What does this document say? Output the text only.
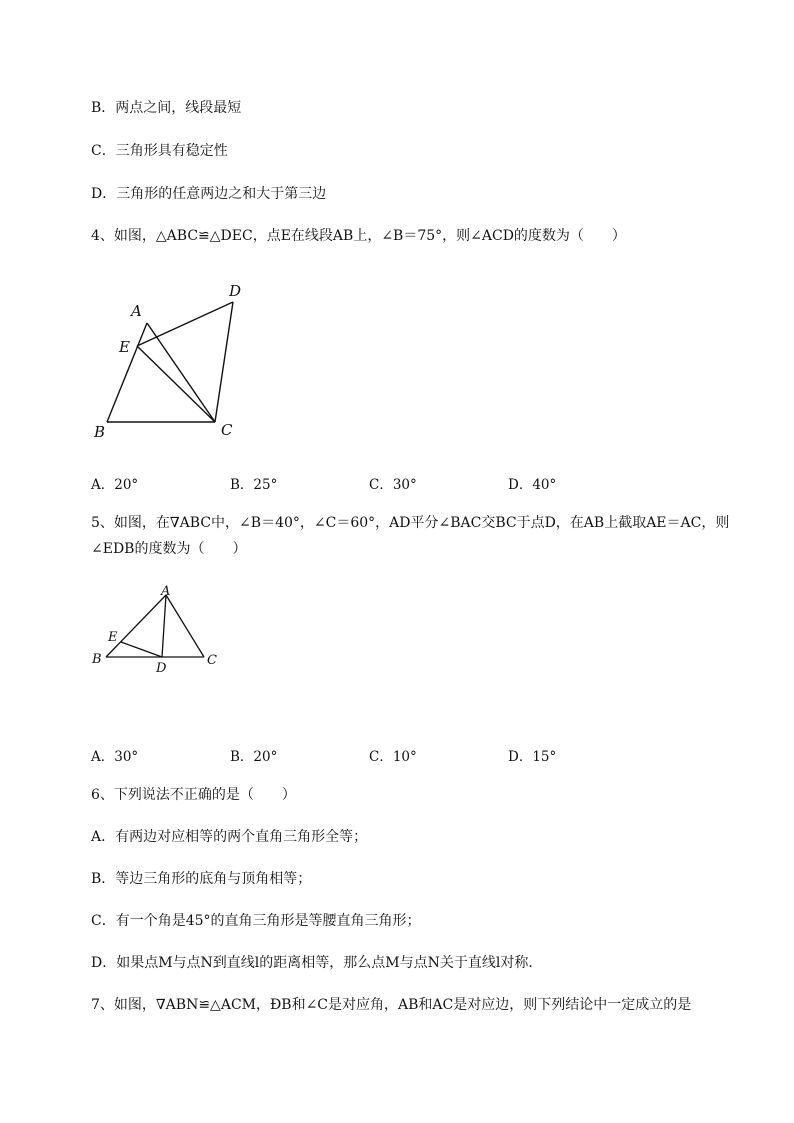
B．两点之间，线段最短
C．三角形具有稳定性
D．三角形的任意两边之和大于第三边
4、如图，△ABC≌△DEC，点E在线段AB上，∠B＝75°，则∠ACD的度数为（　　）
A
D
E
B	C
A．20°	B．25°	C．30°	D．40°
5、如图，在∇ABC中，∠B＝40°，∠C＝60°，AD平分∠BAC交BC于点D，在AB上截取AE＝AC，则
∠EDB的度数为（　　）
A
E
B
D
C
A．30°	B．20°	C．10°	D．15°
6、下列说法不正确的是（　　）
A．有两边对应相等的两个直角三角形全等；
B．等边三角形的底角与顶角相等；
C．有一个角是45°的直角三角形是等腰直角三角形；
D．如果点M与点N到直线l的距离相等，那么点M与点N关于直线l对称．
7、如图，∇ABN≌△ACM，ÐB和∠C是对应角，AB和AC是对应边，则下列结论中一定成立的是
